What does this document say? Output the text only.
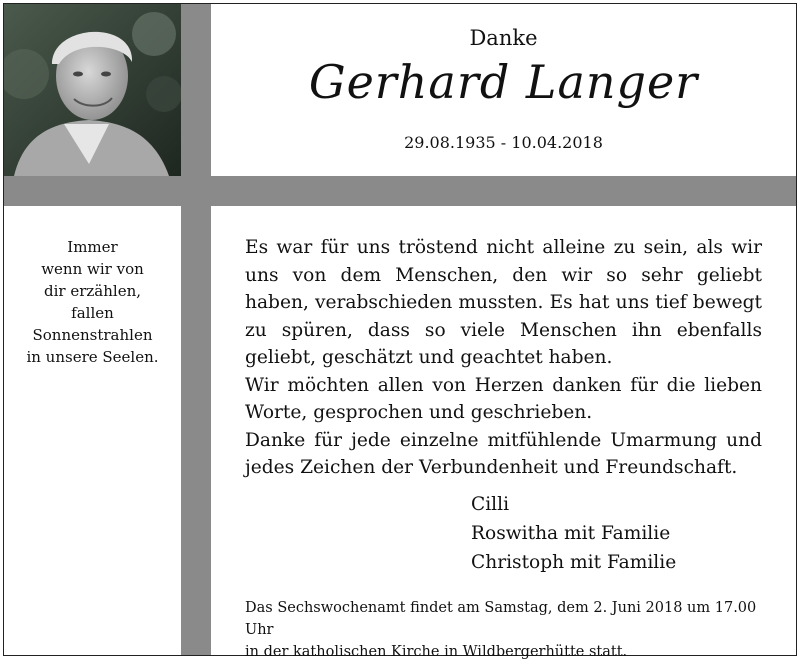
Danke
Gerhard Langer
29.08.1935 - 10.04.2018
Immer
wenn wir von
dir erzählen,
fallen
Sonnenstrahlen
in unsere Seelen.

Es war für uns tröstend nicht alleine zu sein, als wir uns von dem Menschen, den wir so sehr geliebt haben, verabschieden mussten. Es hat uns tief bewegt zu spüren, dass so viele Menschen ihn ebenfalls geliebt, geschätzt und geachtet haben.

Wir möchten allen von Herzen danken für die lieben Worte, gesprochen und geschrieben.

Danke für jede einzelne mitfühlende Umarmung und jedes Zeichen der Verbundenheit und Freundschaft.

Cilli
Roswitha mit Familie
Christoph mit Familie
Das Sechswochenamt findet am Samstag, dem 2. Juni 2018 um 17.00 Uhr
in der katholischen Kirche in Wildbergerhütte statt.
